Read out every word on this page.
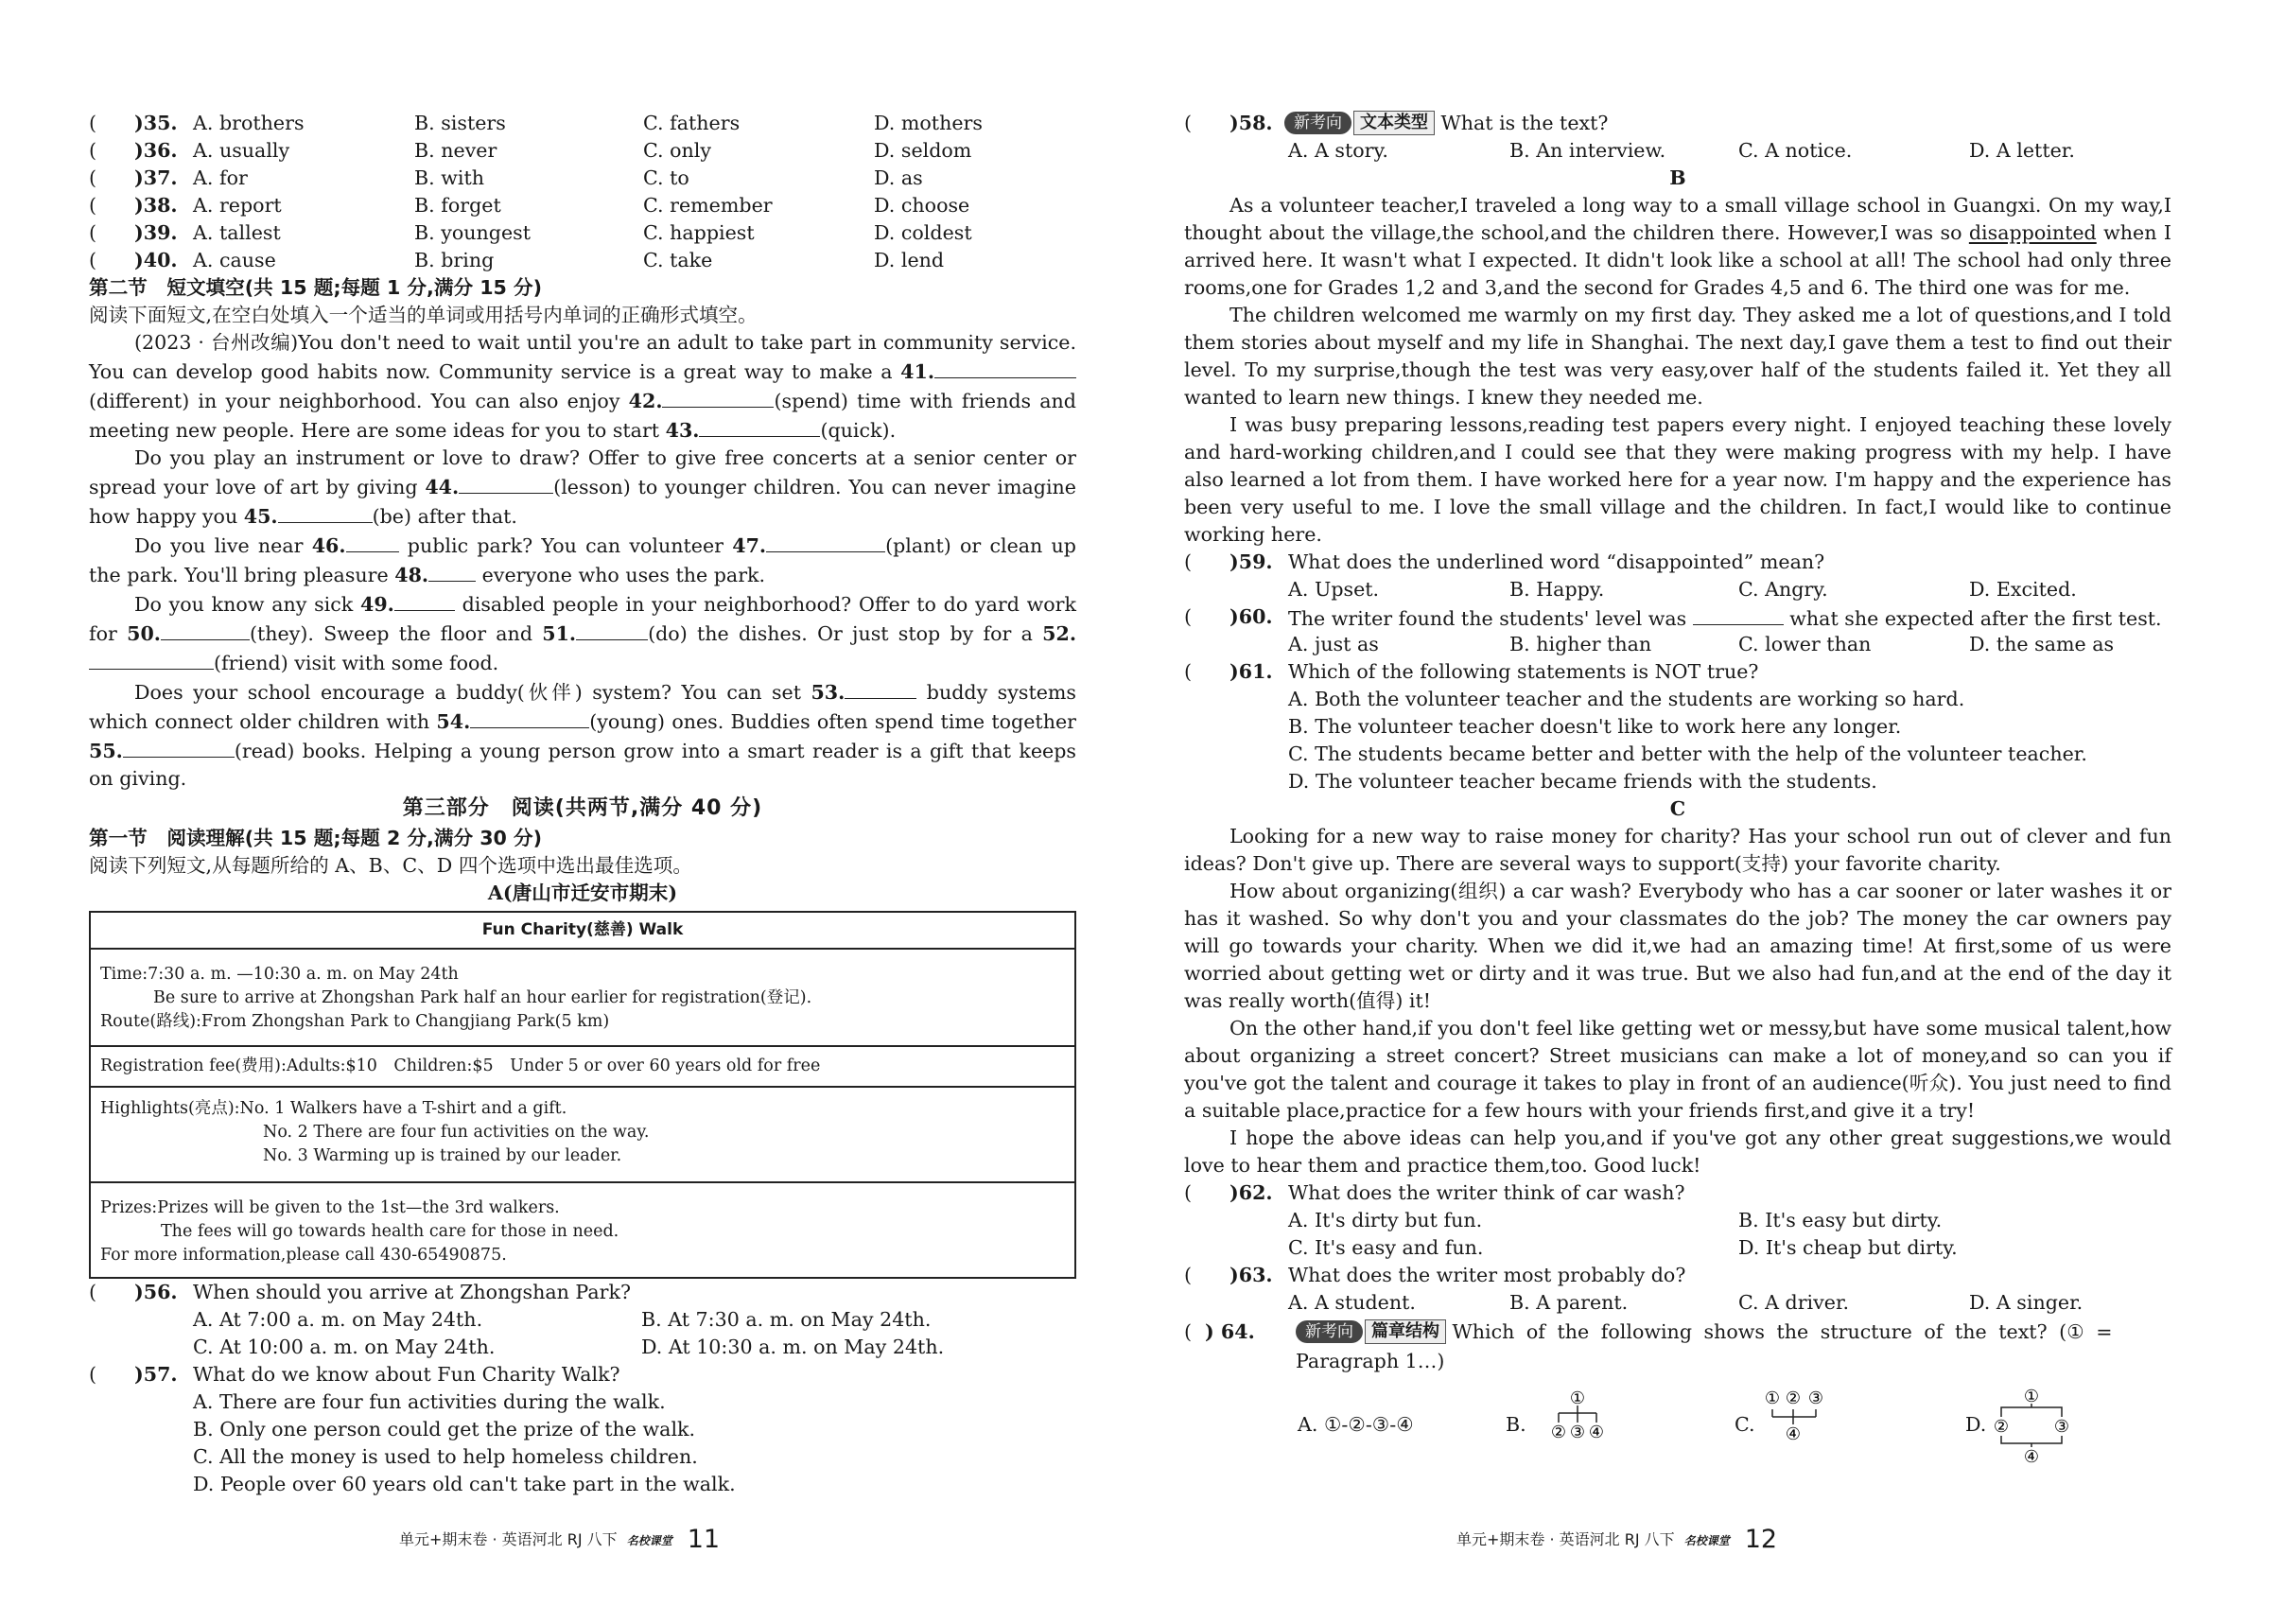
( )35. A. brothers	B. sisters	C. fathers	D. mothers
( )36. A. usually	B. never	C. only	D. seldom
( )37. A. for	B. with	C. to	D. as
( )38. A. report	B. forget	C. remember	D. choose
( )39. A. tallest	B. youngest	C. happiest	D. coldest
( )40. A. cause	B. bring	C. take	D. lend
第二节　短文填空(共 15 题;每题 1 分,满分 15 分)
阅读下面短文,在空白处填入一个适当的单词或用括号内单词的正确形式填空。

(2023 · 台州改编)You don't need to wait until you're an adult to take part in community service. You can develop good habits now. Community service is a great way to make a 41.(different) in your neighborhood. You can also enjoy 42.	(spend) time with friends and meeting new people. Here are some ideas for you to start 43.	(quick).

Do you play an instrument or love to draw? Offer to give free concerts at a senior center or spread your love of art by giving 44.	(lesson) to younger children. You can never imagine how happy you 45.	(be) after that.

Do you live near 46.	public park? You can volunteer 47.	(plant) or clean up the park. You'll bring pleasure 48. everyone who uses the park.

Do you know any sick 49.	disabled people in your neighborhood? Offer to do yard work for 50.	(they). Sweep the floor and 51.	(do) the dishes. Or just stop by for a 52.(friend) visit with some food.

Does your school encourage a buddy(伙伴) system? You can set 53.	buddy systems which connect older children with 54.	(young) ones. Buddies often spend time together 55.	(read) books. Helping a young person grow into a smart reader is a gift that keeps on giving.

第三部分　阅读(共两节,满分 40 分)
第一节　阅读理解(共 15 题;每题 2 分,满分 30 分)
阅读下列短文,从每题所给的 A、B、C、D 四个选项中选出最佳选项。
A(唐山市迁安市期末)
Fun Charity(慈善) Walk

Time:7:30 a. m. —10:30 a. m. on May 24th
Be sure to arrive at Zhongshan Park half an hour earlier for registration(登记).
Route(路线):From Zhongshan Park to Changjiang Park(5 km)

Registration fee(费用):Adults:$10　Children:$5　Under 5 or over 60 years old for free

Highlights(亮点):No. 1 Walkers have a T-shirt and a gift.
No. 2 There are four fun activities on the way.
No. 3 Warming up is trained by our leader.

Prizes:Prizes will be given to the 1st—the 3rd walkers.
The fees will go towards health care for those in need.
For more information,please call 430-65490875.
( )56. When should you arrive at Zhongshan Park?
A. At 7:00 a. m. on May 24th.	B. At 7:30 a. m. on May 24th.
C. At 10:00 a. m. on May 24th.	D. At 10:30 a. m. on May 24th.
( )57. What do we know about Fun Charity Walk?
A. There are four fun activities during the walk.
B. Only one person could get the prize of the walk.
C. All the money is used to help homeless children.
D. People over 60 years old can't take part in the walk.
单元+期末卷 · 英语河北 RJ 八下 名校课堂 11
( )58.	新考向 文本类型 What is the text?
A. A story.	B. An interview.	C. A notice.	D. A letter.
B

As a volunteer teacher,I traveled a long way to a small village school in Guangxi. On my way,I thought about the village,the school,and the children there. However,I was so disappointed when I arrived here. It wasn't what I expected. It didn't look like a school at all! The school had only three rooms,one for Grades 1,2 and 3,and the second for Grades 4,5 and 6. The third one was for me.

The children welcomed me warmly on my first day. They asked me a lot of questions,and I told them stories about myself and my life in Shanghai. The next day,I gave them a test to find out their level. To my surprise,though the test was very easy,over half of the students failed it. Yet they all wanted to learn new things. I knew they needed me.

I was busy preparing lessons,reading test papers every night. I enjoyed teaching these lovely and hard-working children,and I could see that they were making progress with my help. I have also learned a lot from them. I have worked here for a year now. I'm happy and the experience has been very useful to me. I love the small village and the children. In fact,I would like to continue working here.

( )59. What does the underlined word “disappointed” mean?
A. Upset.	B. Happy.	C. Angry.	D. Excited.
( )60. The writer found the students' level was	what she expected after the first test.
A. just as	B. higher than	C. lower than	D. the same as
( )61. Which of the following statements is NOT true?
A. Both the volunteer teacher and the students are working so hard.
B. The volunteer teacher doesn't like to work here any longer.
C. The students became better and better with the help of the volunteer teacher.
D. The volunteer teacher became friends with the students.
C

Looking for a new way to raise money for charity? Has your school run out of clever and fun ideas? Don't give up. There are several ways to support(支持) your favorite charity.

How about organizing(组织) a car wash? Everybody who has a car sooner or later washes it or has it washed. So why don't you and your classmates do the job? The money the car owners pay will go towards your charity. When we did it,we had an amazing time! At first,some of us were worried about getting wet or dirty and it was true. But we also had fun,and at the end of the day it was really worth(值得) it!

On the other hand,if you don't feel like getting wet or messy,but have some musical talent,how about organizing a street concert? Street musicians can make a lot of money,and so can you if you've got the talent and courage it takes to play in front of an audience(听众). You just need to find a suitable place,practice for a few hours with your friends first,and give it a try!

I hope the above ideas can help you,and if you've got any other great suggestions,we would love to hear them and practice them,too. Good luck!

( )62. What does the writer think of car wash?
A. It's dirty but fun.	B. It's easy but dirty.
C. It's easy and fun.	D. It's cheap but dirty.
( )63. What does the writer most probably do?
A. A student.	B. A parent.	C. A driver.	D. A singer.
( ) 64.	新考向 篇章结构 Which of the following shows the structure of the text? (① =
Paragraph 1…)
A. ①-②-③-④	B.
①
② ③ ④	C.
① ② ③
④	D.
①
②	③
④
单元+期末卷 · 英语河北 RJ 八下 名校课堂 12
